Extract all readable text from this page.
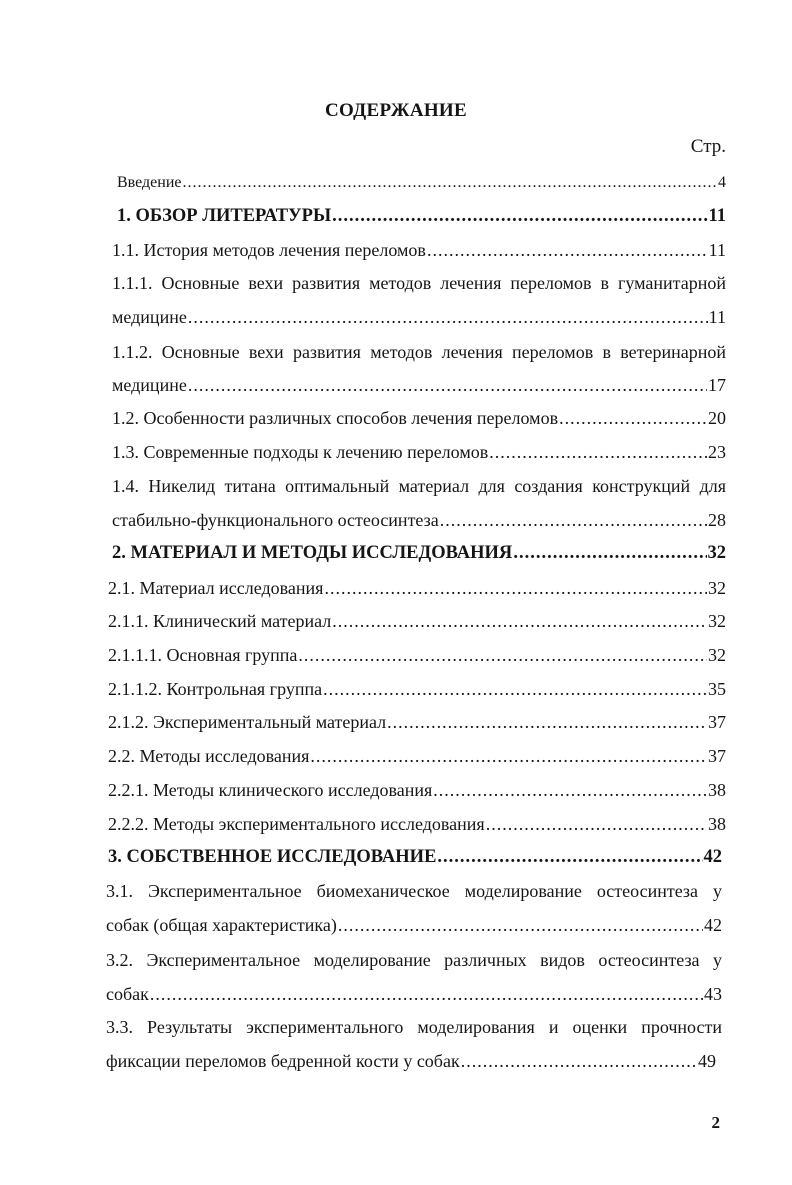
СОДЕРЖАНИЕ
Стр.
Введение .....	4
1. ОБЗОР ЛИТЕРАТУРЫ .....	11
1.1. История методов лечения переломов .....	11
1.1.1. Основные вехи развития методов лечения переломов в гуманитарной
медицине .....	11
1.1.2. Основные вехи развития методов лечения переломов в ветеринарной
медицине .....	17
1.2. Особенности различных способов лечения переломов .....	20
1.3. Современные подходы к лечению переломов .....	23
1.4. Никелид титана оптимальный материал для создания конструкций для
стабильно-функционального остеосинтеза .....	28
2. МАТЕРИАЛ И МЕТОДЫ ИССЛЕДОВАНИЯ .....	32
2.1. Материал исследования .....	32
2.1.1. Клинический материал .....	32
2.1.1.1. Основная группа .....	32
2.1.1.2. Контрольная группа .....	35
2.1.2. Экспериментальный материал .....	37
2.2. Методы исследования .....	37
2.2.1. Методы клинического исследования .....	38
2.2.2. Методы экспериментального исследования .....	38
3. СОБСТВЕННОЕ ИССЛЕДОВАНИЕ .....	42
3.1. Экспериментальное биомеханическое моделирование остеосинтеза у
собак (общая характеристика) .....	42
3.2. Экспериментальное моделирование различных видов остеосинтеза у
собак .....	43
3.3. Результаты экспериментального моделирования и оценки прочности
фиксации переломов бедренной кости у собак .....	49
2
